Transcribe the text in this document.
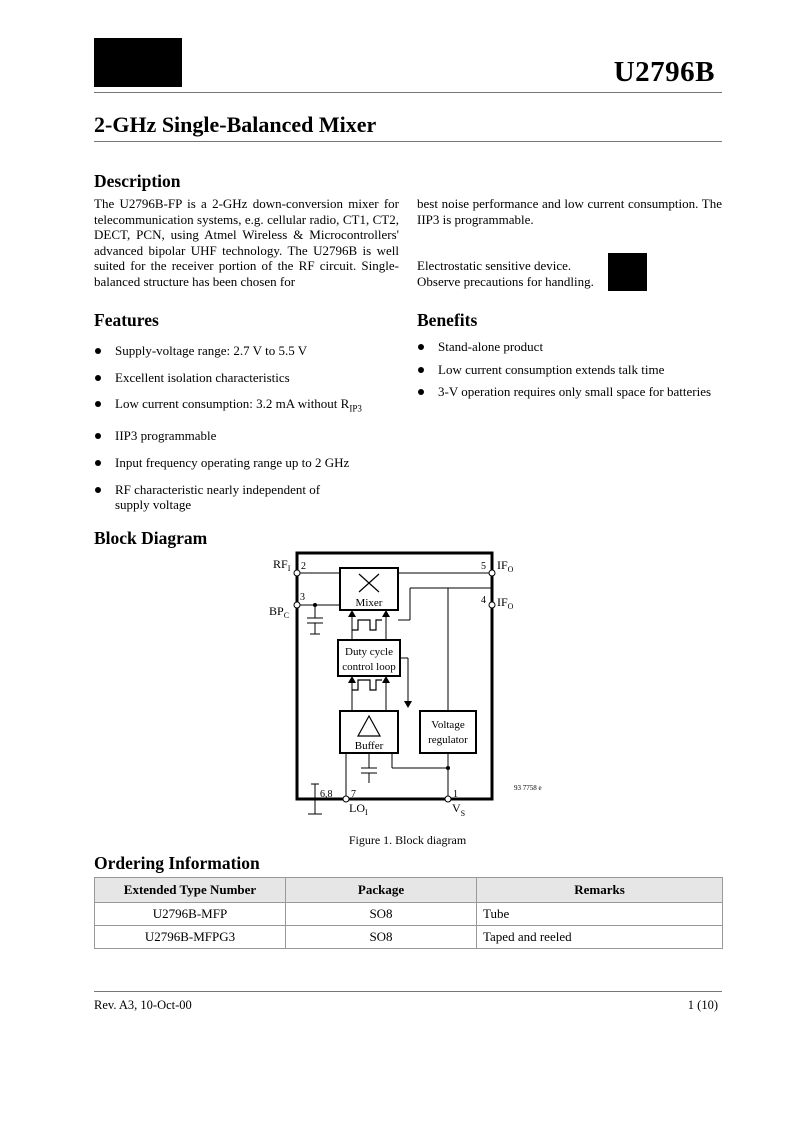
U2796B
2-GHz Single-Balanced Mixer
Description

The U2796B-FP is a 2-GHz down-conversion mixer for telecommunication systems, e.g. cellular radio, CT1, CT2, DECT, PCN, using Atmel Wireless & Microcontrollers' advanced bipolar UHF technology. The U2796B is well suited for the receiver portion of the RF circuit. Single-balanced structure has been chosen for

best noise performance and low current consumption. The IIP3 is programmable.

Electrostatic sensitive device.
Observe precautions for handling.
Features
Supply-voltage range: 2.7 V to 5.5 V
Excellent isolation characteristics
Low current consumption: 3.2 mA without $R_{IP3}$
IIP3 programmable
Input frequency operating range up to 2 GHz
RF characteristic nearly independent of
supply voltage
Benefits
Stand-alone product
Low current consumption extends talk time
3-V operation requires only small space for batteries
Block Diagram
Mixer
Duty cycle
control loop
Buffer
Voltage
regulator
$RF_I$ 2
3
$BP_C$
5 $IF_O$
4 $IF_O$
6,8 7
$LO_I$
1
$V_S$
93 7758 e
Figure 1. Block diagram
Ordering Information
Extended Type Number	Package	Remarks
U2796B-MFP	SO8	Tube
U2796B-MFPG3	SO8	Taped and reeled
Rev. A3, 10-Oct-00	1 (10)
